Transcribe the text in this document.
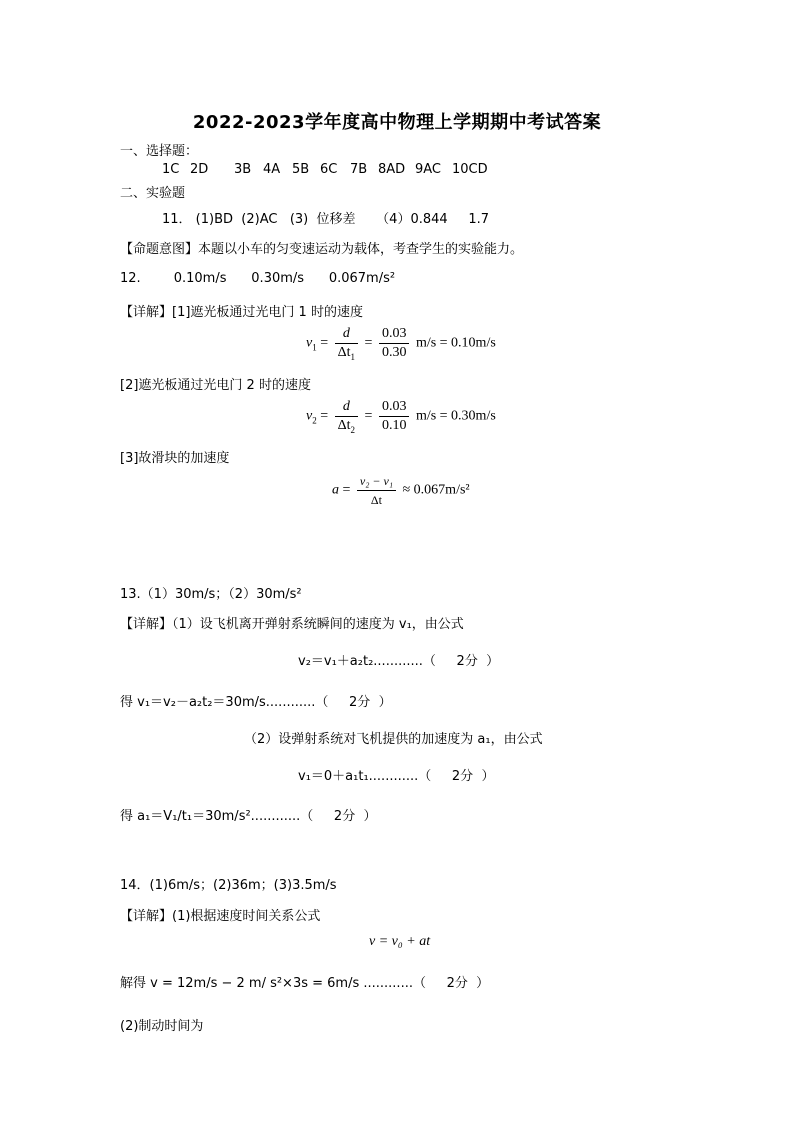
2022-2023学年度高中物理上学期期中考试答案
一、选择题：
1C 2D 3B 4A 5B 6C 7B 8AD 9AC 10CD
二、实验题
11． (1)BD  (2)AC   (3)  位移差     （4）0.844     1.7
【命题意图】本题以小车的匀变速运动为载体，考查学生的实验能力。
12.        0.10m/s      0.30m/s      0.067m/s²
【详解】[1]遮光板通过光电门 1 时的速度
$v_1 = \frac{d}{\Delta t_1} = \frac{0.03}{0.30} m/s = 0.10m/s$
[2]遮光板通过光电门 2 时的速度
$v_2 = \frac{d}{\Delta t_2} = \frac{0.03}{0.10} m/s = 0.30m/s$
[3]故滑块的加速度
$a = \frac{\text{v₂ − v₁}}{\Delta t} \approx 0.067m/s^2$
13.（1）30m/s；（2）30m/s²
【详解】（1）设飞机离开弹射系统瞬间的速度为 v₁，由公式
v₂＝v₁＋a₂t₂............（     2分  ）
得 v₁＝v₂－a₂t₂＝30m/s............（     2分  ）
（2）设弹射系统对飞机提供的加速度为 a₁，由公式
v₁＝0＋a₁t₁............（     2分  ）
得 a₁＝V₁/t₁＝30m/s²............（     2分  ）
14．(1)6m/s；(2)36m；(3)3.5m/s
【详解】(1)根据速度时间关系公式
v = v₀ + at
解得 v = 12m/s − 2 m/ s²×3s = 6m/s ............（     2分  ）
(2)制动时间为
